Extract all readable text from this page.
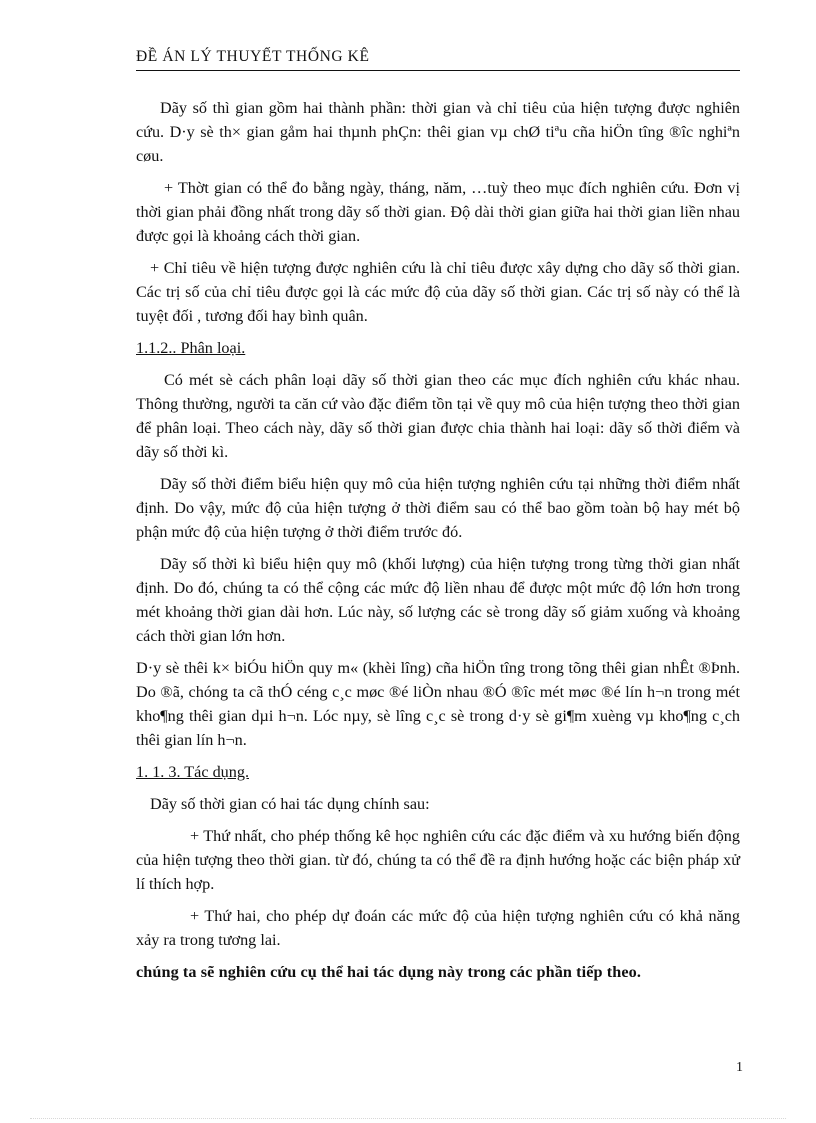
ĐỀ ÁN LÝ THUYẾT THỐNG KÊ

Dãy số thì gian gồm hai thành phần: thời gian và chỉ tiêu của hiện tượng được nghiên cứu. D·y sè th× gian gåm hai thµnh phÇn: thêi gian vµ chØ tiªu cña hiÖn tîng ®îc nghiªn cøu.

+ Thờt gian có thể đo bằng ngày, tháng, năm, …tuỳ theo mục đích nghiên cứu. Đơn vị thời gian phải đồng nhất trong dãy số thời gian. Độ dài thời gian giữa hai thời gian liền nhau được gọi là khoảng cách thời gian.

+ Chỉ tiêu về hiện tượng được nghiên cứu là chỉ tiêu được xây dựng cho dãy số thời gian. Các trị số của chỉ tiêu được gọi là các mức độ của dãy số thời gian. Các trị số này có thể là tuyệt đối , tương đối hay bình quân.

1.1.2.. Phân loại.

Có mét sè cách phân loại dãy số thời gian theo các mục đích nghiên cứu khác nhau. Thông thường, người ta căn cứ vào đặc điểm tồn tại về quy mô của hiện tượng theo thời gian để phân loại. Theo cách này, dãy số thời gian được chia thành hai loại: dãy số thời điểm và dãy số thời kì.

Dãy số thời điểm biểu hiện quy mô của hiện tượng nghiên cứu tại những thời điểm nhất định. Do vậy, mức độ của hiện tượng ở thời điểm sau có thể bao gồm toàn bộ hay mét bộ phận mức độ của hiện tượng ở thời điểm trước đó.

Dãy số thời kì biểu hiện quy mô (khối lượng) của hiện tượng trong từng thời gian nhất định. Do đó, chúng ta có thể cộng các mức độ liền nhau để được một mức độ lớn hơn trong mét khoảng thời gian dài hơn. Lúc này, số lượng các sè trong dãy số giảm xuống và khoảng cách thời gian lớn hơn.

D·y sè thêi k× biÓu hiÖn quy m« (khèi lîng) cña hiÖn tîng trong tõng thêi gian nhÊt ®Þnh. Do ®ã, chóng ta cã thÓ céng c¸c møc ®é liÒn nhau ®Ó ®îc mét møc ®é lín h¬n trong mét kho¶ng thêi gian dµi h¬n. Lóc nµy, sè lîng c¸c sè trong d·y sè gi¶m xuèng vµ kho¶ng c¸ch thêi gian lín h¬n.

1. 1. 3. Tác dụng.

Dãy số thời gian có hai tác dụng chính sau:

+ Thứ nhất, cho phép thống kê học nghiên cứu các đặc điểm và xu hướng biến động của hiện tượng theo thời gian. từ đó, chúng ta có thể đề ra định hướng hoặc các biện pháp xử lí thích hợp.

+ Thứ hai, cho phép dự đoán các mức độ của hiện tượng nghiên cứu có khả năng xảy ra trong tương lai.

chúng ta sẽ nghiên cứu cụ thể hai tác dụng này trong các phần tiếp theo.

1
